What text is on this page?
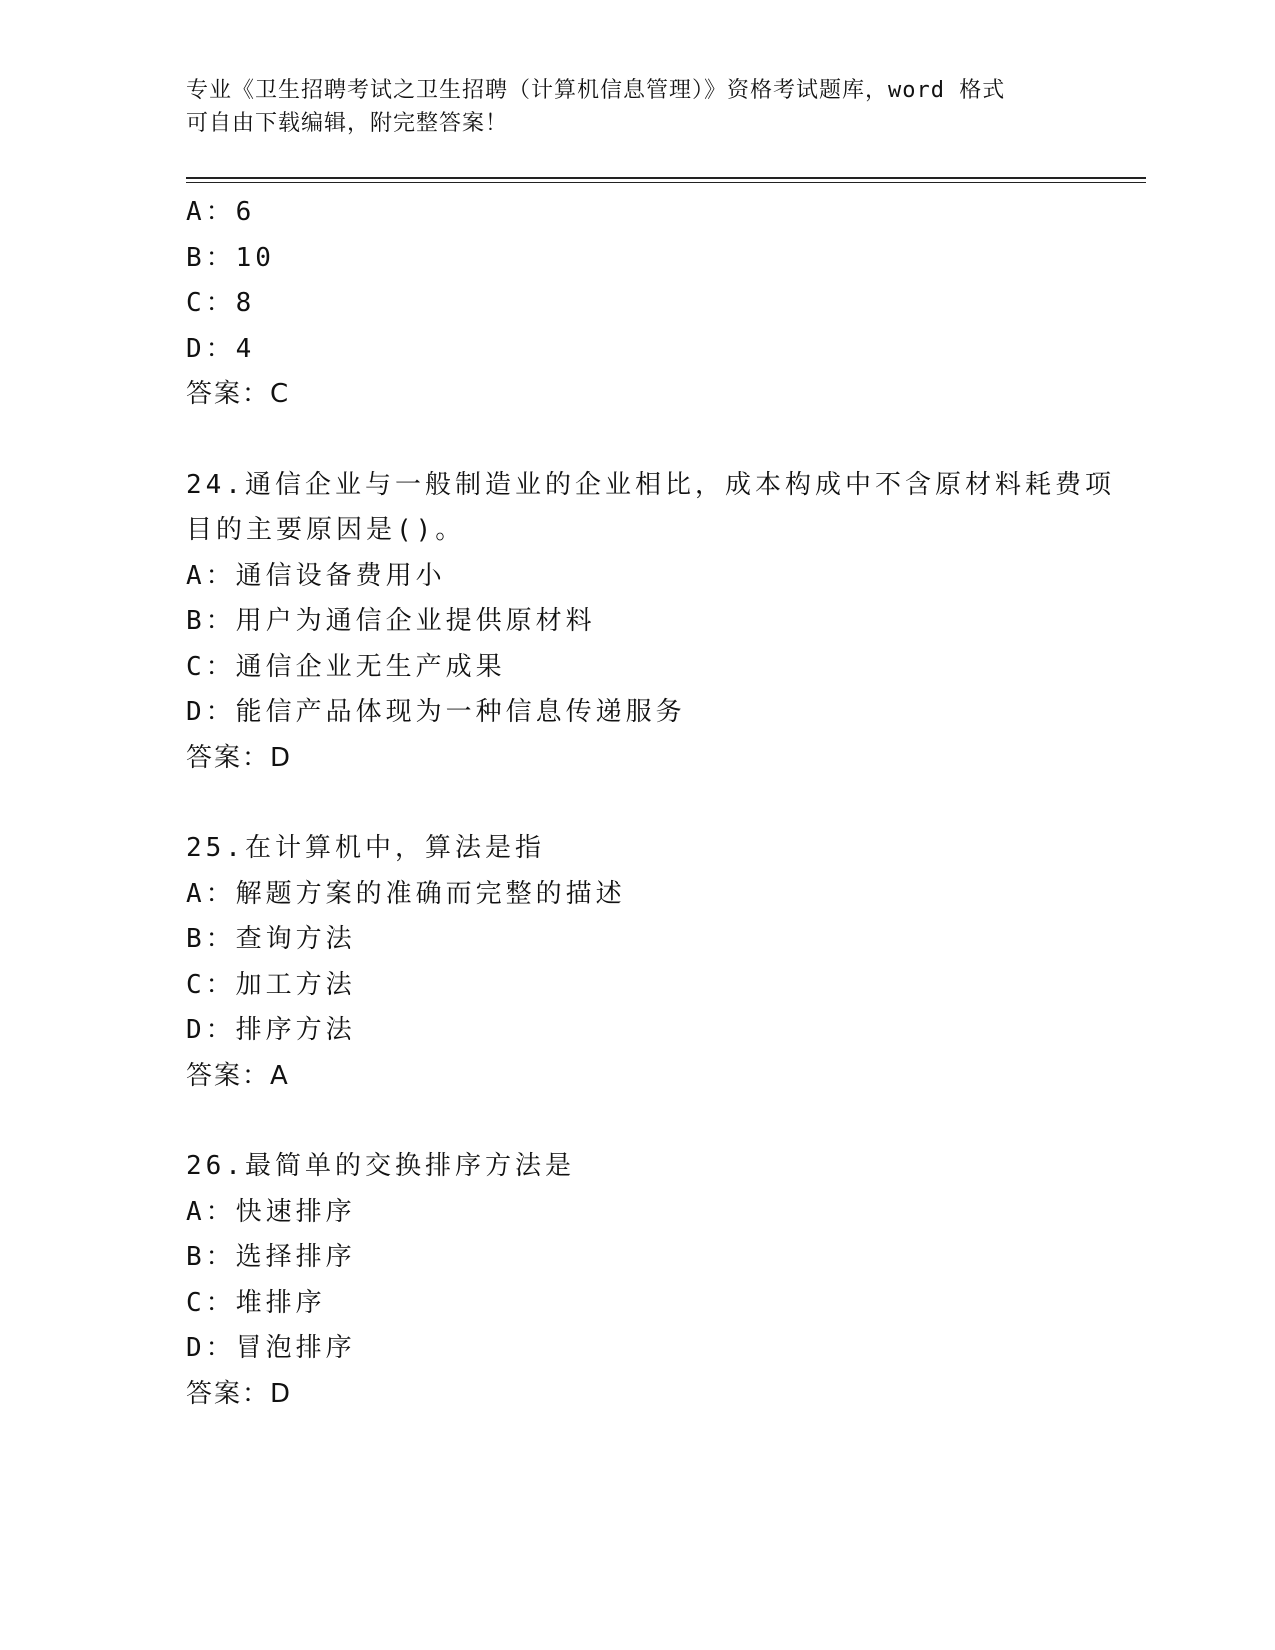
专业《卫生招聘考试之卫生招聘（计算机信息管理）》资格考试题库，word 格式
可自由下载编辑，附完整答案！
A：6
B：10
C：8
D：4
答案：C
24.通信企业与一般制造业的企业相比，成本构成中不含原材料耗费项
目的主要原因是()。
A：通信设备费用小
B：用户为通信企业提供原材料
C：通信企业无生产成果
D：能信产品体现为一种信息传递服务
答案：D
25.在计算机中，算法是指
A：解题方案的准确而完整的描述
B：查询方法
C：加工方法
D：排序方法
答案：A
26.最简单的交换排序方法是
A：快速排序
B：选择排序
C：堆排序
D：冒泡排序
答案：D
